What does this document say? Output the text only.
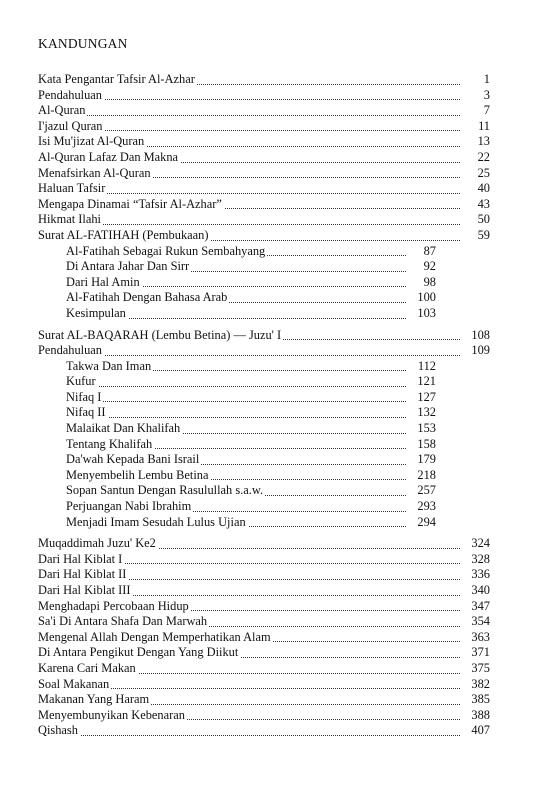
KANDUNGAN
Kata Pengantar Tafsir Al-Azhar	1
Pendahuluan	3
Al-Quran	7
I'jazul Quran	11
Isi Mu'jizat Al-Quran	13
Al-Quran Lafaz Dan Makna	22
Menafsirkan Al-Quran	25
Haluan Tafsir	40
Mengapa Dinamai “Tafsir Al-Azhar”	43
Hikmat Ilahi	50
Surat AL-FATIHAH (Pembukaan)	59
Al-Fatihah Sebagai Rukun Sembahyang	87
Di Antara Jahar Dan Sirr	92
Dari Hal Amin	98
Al-Fatihah Dengan Bahasa Arab	100
Kesimpulan	103
Surat AL-BAQARAH (Lembu Betina) — Juzu' I	108
Pendahuluan	109
Takwa Dan Iman	112
Kufur	121
Nifaq I	127
Nifaq II	132
Malaikat Dan Khalifah	153
Tentang Khalifah	158
Da'wah Kepada Bani Israil	179
Menyembelih Lembu Betina	218
Sopan Santun Dengan Rasulullah s.a.w.	257
Perjuangan Nabi Ibrahim	293
Menjadi Imam Sesudah Lulus Ujian	294
Muqaddimah Juzu' Ke2	324
Dari Hal Kiblat I	328
Dari Hal Kiblat II	336
Dari Hal Kiblat III	340
Menghadapi Percobaan Hidup	347
Sa'i Di Antara Shafa Dan Marwah	354
Mengenal Allah Dengan Memperhatikan Alam	363
Di Antara Pengikut Dengan Yang Diikut	371
Karena Cari Makan	375
Soal Makanan	382
Makanan Yang Haram	385
Menyembunyikan Kebenaran	388
Qishash	407
